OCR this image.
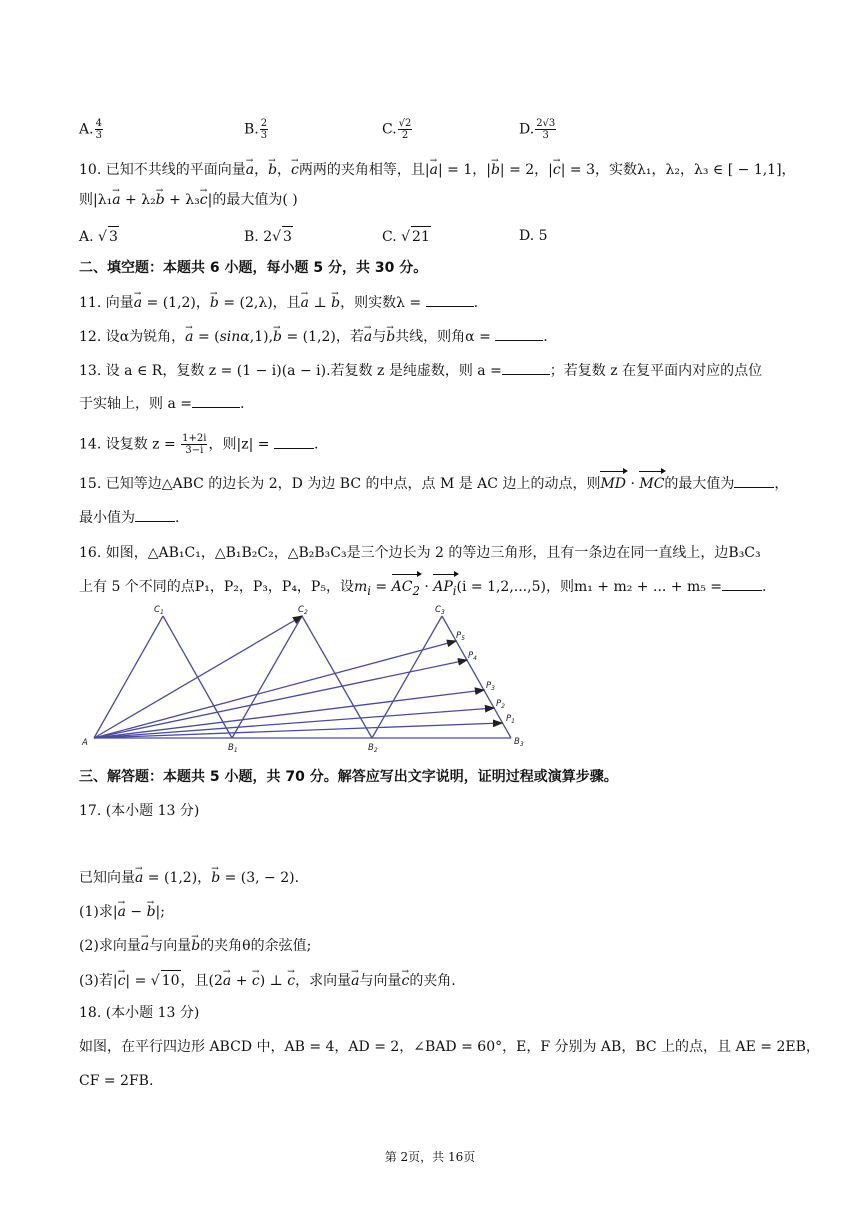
A. $\frac{4}{3}$	B. $\frac{2}{3}$	C. $\frac{√2}{2}$	D. $\frac{2√3}{3}$
10. 已知不共线的平面向量→ a，→ b，→ c两两的夹角相等，且|→ a| = 1，|→ b| = 2，|→ c| = 3，实数λ₁，λ₂，λ₃ ∈ [ − 1,1]，
则|λ₁→ a + λ₂→ b + λ₃→ c|的最大值为( )
A. √ 3	B. 2√ 3	C. √ 21	D. 5
二、填空题：本题共 6 小题，每小题 5 分，共 30 分。
11. 向量→ a = (1,2)，→ b = (2,λ)，且→ a ⊥ → b，则实数λ =	.
12. 设α为锐角，→ a = (sinα,1),→ b = (1,2)，若→ a与→ b共线，则角α =	.
13. 设 a ∈ R，复数 z = (1 − i)(a − i).若复数 z 是纯虚数，则 a =	；若复数 z 在复平面内对应的点位
于实轴上，则 a =	.
14. 设复数 $z = \frac{1+2i}{3-i}$ ，则|z| =	.
15. 已知等边△ABC 的边长为 2，D 为边 BC 的中点，点 M 是 AC 边上的动点，则MD · MC的最大值为	，
最小值为	.
16. 如图，△AB₁C₁，△B₁B₂C₂，△B₂B₃C₃是三个边长为 2 的等边三角形，且有一条边在同一直线上，边B₃C₃
上有 5 个不同的点P₁，P₂，P₃，P₄，P₅，设$m_i = AC_2 \cdot AP_i(i = 1,2,...,5)$，则m₁ + m₂ + ... + m₅ =	.
$C_1$	$C_2$	$C_3$
A	$B_1$	$B_2$
$B_3$
$P_5$
$P_4$
$P_3$
$P_2$
$P_1$
三、解答题：本题共 5 小题，共 70 分。解答应写出文字说明，证明过程或演算步骤。
17. (本小题 13 分)
已知向量→ a = (1,2)，→ b = (3, − 2).
(1)求|→ a − → b|;
(2)求向量→ a与向量→ b的夹角θ的余弦值;
(3)若|→ c| = √ 10，且(2→ a + → c) ⊥ → c，求向量→ a与向量→ c的夹角.
18. (本小题 13 分)
如图，在平行四边形 ABCD 中，AB = 4，AD = 2，∠BAD = 60°，E，F 分别为 AB，BC 上的点，且 AE = 2EB，
CF = 2FB.
第 2页，共 16页
